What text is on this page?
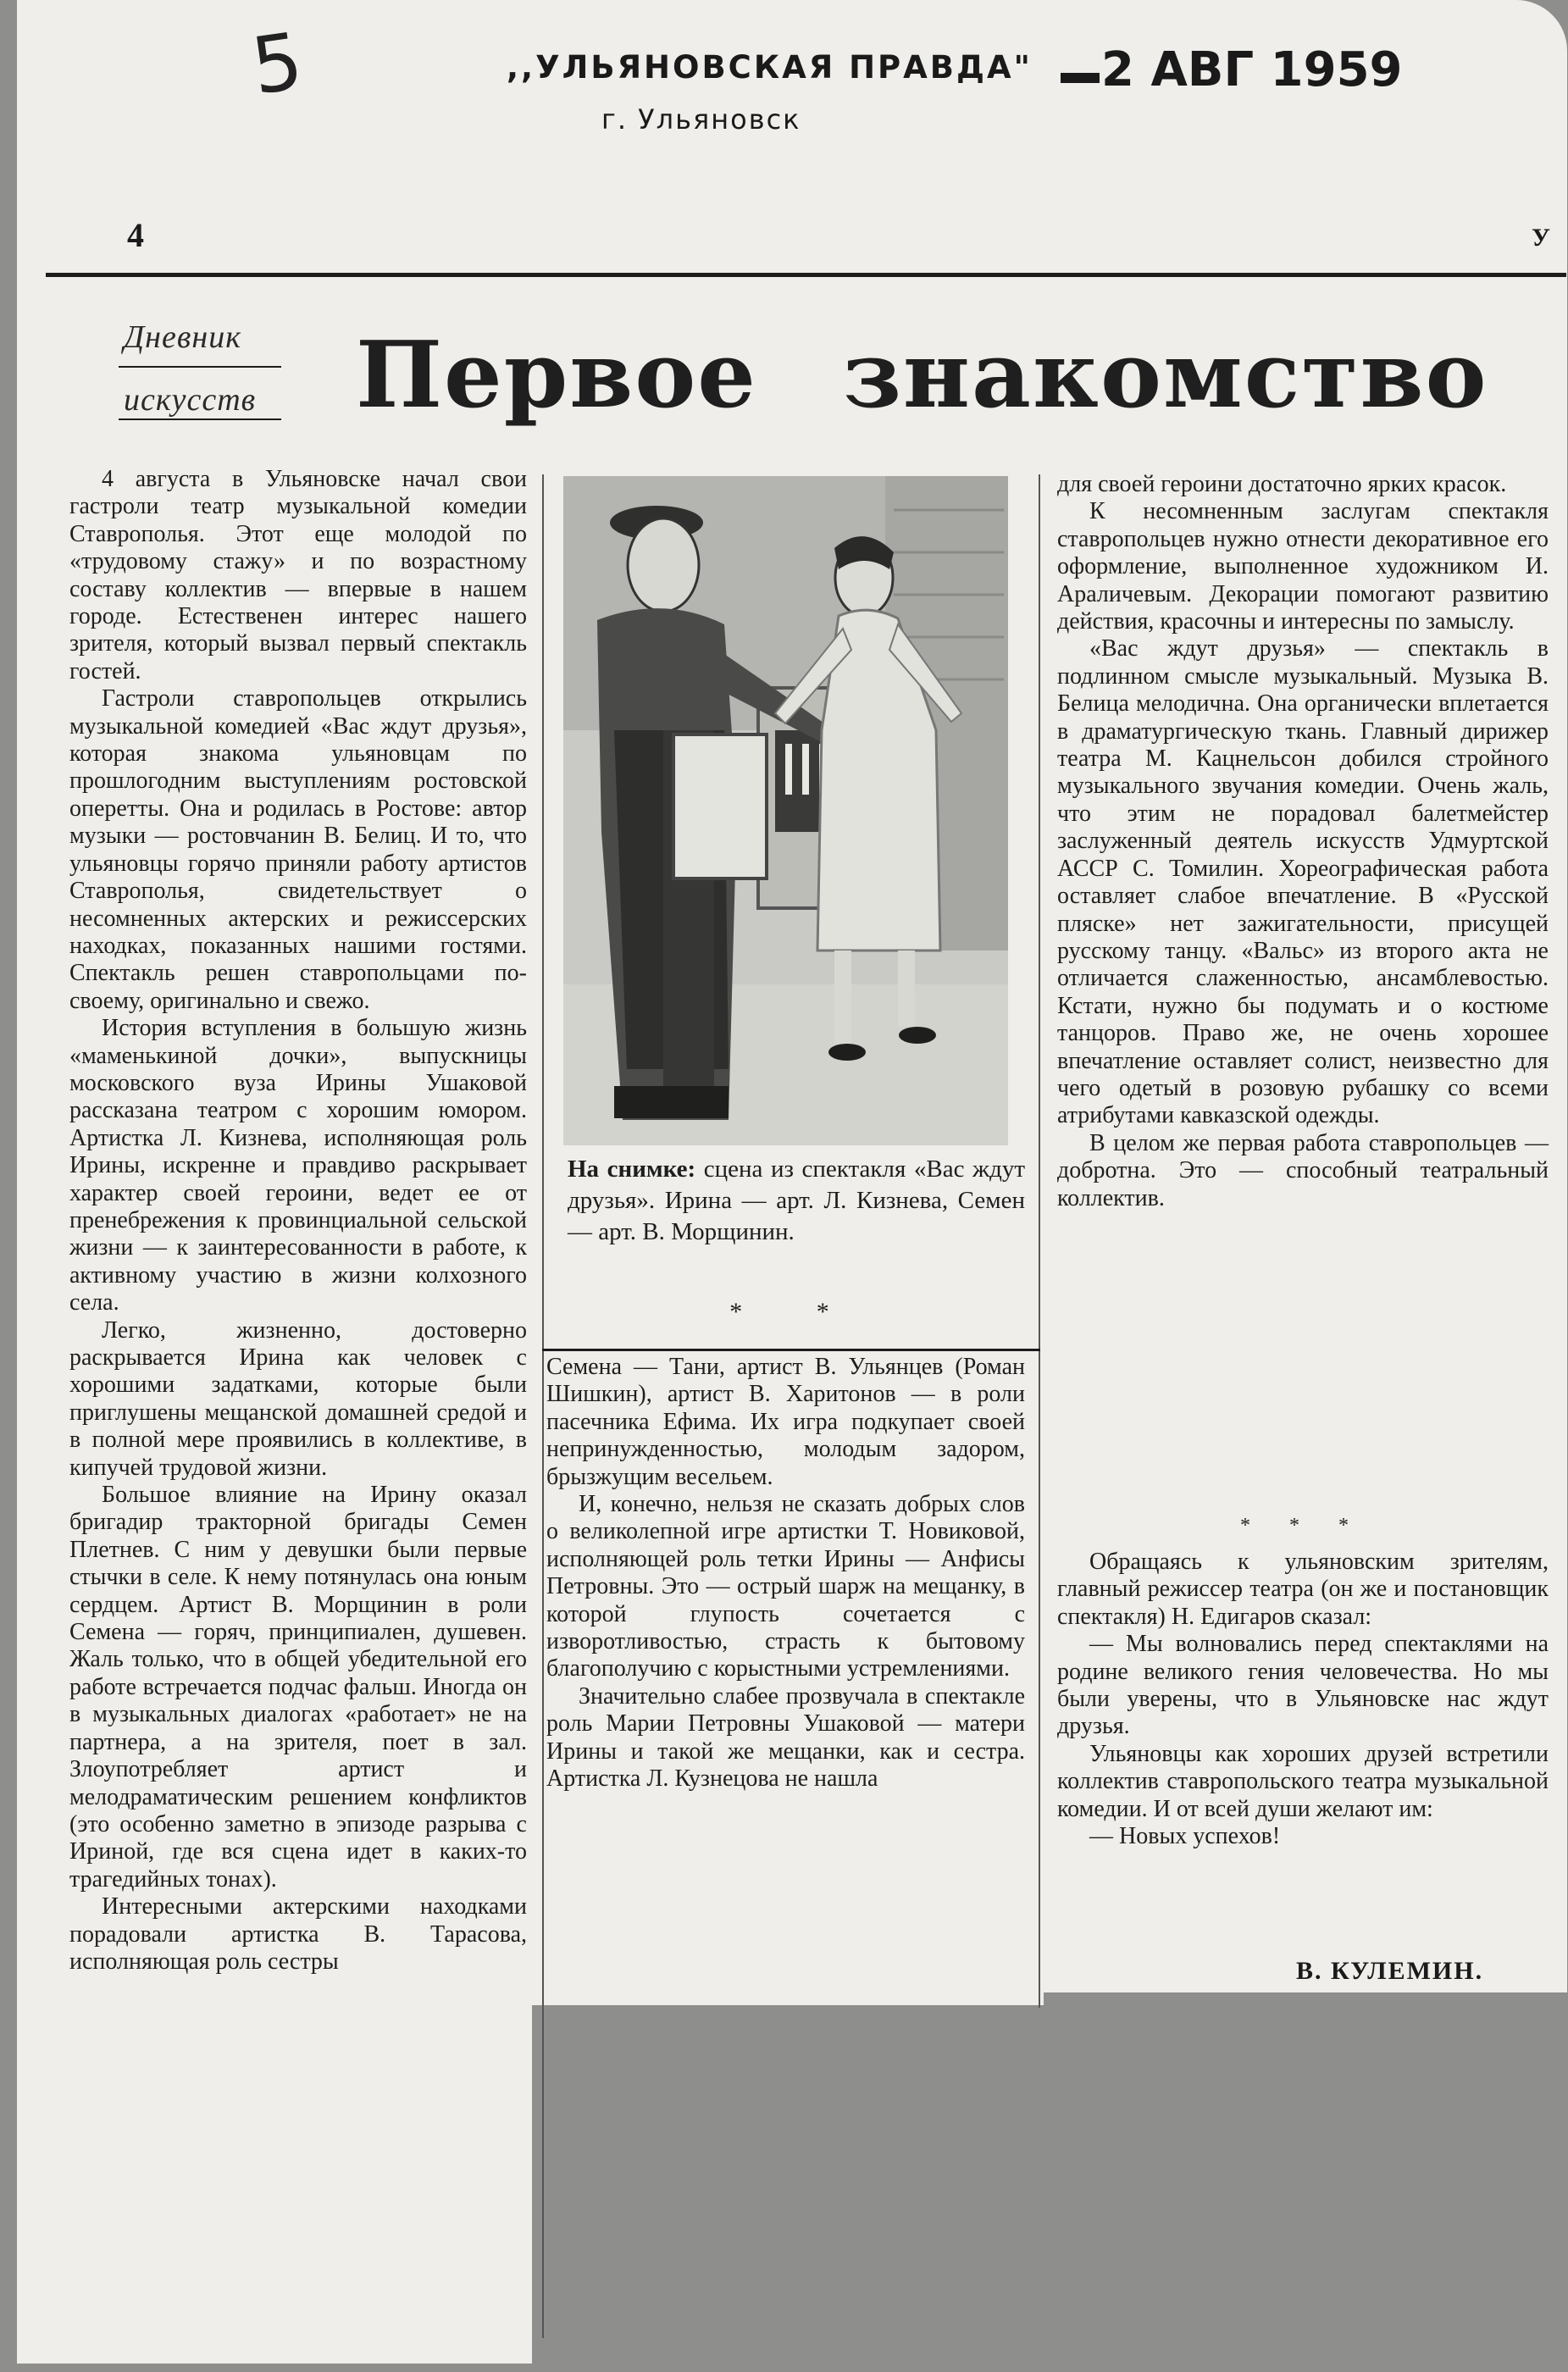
5	,,УЛЬЯНОВСКАЯ ПРАВДА"
г. Ульяновск
2 АВГ 1959
4	У
Дневник
искусств Первое знакомство

4 августа в Ульяновске начал свои гастроли театр музыкальной комедии Ставрополья. Этот еще молодой по «трудовому стажу» и по возрастному составу коллектив — впервые в нашем городе. Естественен интерес нашего зрителя, который вызвал первый спектакль гостей.

Гастроли ставропольцев открылись музыкальной комедией «Вас ждут друзья», которая знакома ульяновцам по прошлогодним выступлениям ростовской оперетты. Она и родилась в Ростове: автор музыки — ростовчанин В. Белиц. И то, что ульяновцы горячо приняли работу артистов Ставрополья, свидетельствует о несомненных актерских и режиссерских находках, показанных нашими гостями. Спектакль решен ставропольцами по-своему, оригинально и свежо.

История вступления в большую жизнь «маменькиной дочки», выпускницы московского вуза Ирины Ушаковой рассказана театром с хорошим юмором. Артистка Л. Кизнева, исполняющая роль Ирины, искренне и правдиво раскрывает характер своей героини, ведет ее от пренебрежения к провинциальной сельской жизни — к заинтересованности в работе, к активному участию в жизни колхозного села.

Легко, жизненно, достоверно раскрывается Ирина как человек с хорошими задатками, которые были приглушены мещанской домашней средой и в полной мере проявились в коллективе, в кипучей трудовой жизни.

Большое влияние на Ирину оказал бригадир тракторной бригады Семен Плетнев. С ним у девушки были первые стычки в селе. К нему потянулась она юным сердцем. Артист В. Морщинин в роли Семена — горяч, принципиален, душевен. Жаль только, что в общей убедительной его работе встречается подчас фальш. Иногда он в музыкальных диалогах «работает» не на партнера, а на зрителя, поет в зал. Злоупотребляет артист и мелодраматическим решением конфликтов (это особенно заметно в эпизоде разрыва с Ириной, где вся сцена идет в каких-то трагедийных тонах).

Интересными актерскими находками порадовали артистка В. Тарасова, исполняющая роль сестры

На снимке: сцена из спектакля «Вас ждут друзья». Ирина — арт. Л. Кизнева, Семен — арт. В. Морщинин.
* *

Семена — Тани, артист В. Ульянцев (Роман Шишкин), артист В. Харитонов — в роли пасечника Ефима. Их игра подкупает своей непринужденностью, молодым задором, брызжущим весельем.

И, конечно, нельзя не сказать добрых слов о великолепной игре артистки Т. Новиковой, исполняющей роль тетки Ирины — Анфисы Петровны. Это — острый шарж на мещанку, в которой глупость сочетается с изворотливостью, страсть к бытовому благополучию с корыстными устремлениями.

Значительно слабее прозвучала в спектакле роль Марии Петровны Ушаковой — матери Ирины и такой же мещанки, как и сестра. Артистка Л. Кузнецова не нашла

для своей героини достаточно ярких красок.

К несомненным заслугам спектакля ставропольцев нужно отнести декоративное его оформление, выполненное художником И. Араличевым. Декорации помогают развитию действия, красочны и интересны по замыслу.

«Вас ждут друзья» — спектакль в подлинном смысле музыкальный. Музыка В. Белица мелодична. Она органически вплетается в драматургическую ткань. Главный дирижер театра М. Кацнельсон добился стройного музыкального звучания комедии. Очень жаль, что этим не порадовал балетмейстер заслуженный деятель искусств Удмуртской АССР С. Томилин. Хореографическая работа оставляет слабое впечатление. В «Русской пляске» нет зажигательности, присущей русскому танцу. «Вальс» из второго акта не отличается слаженностью, ансамблевостью. Кстати, нужно бы подумать и о костюме танцоров. Право же, не очень хорошее впечатление оставляет солист, неизвестно для чего одетый в розовую рубашку со всеми атрибутами кавказской одежды.

В целом же первая работа ставропольцев — добротна. Это — способный театральный коллектив.

* * *

Обращаясь к ульяновским зрителям, главный режиссер театра (он же и постановщик спектакля) Н. Едигаров сказал:

— Мы волновались перед спектаклями на родине великого гения человечества. Но мы были уверены, что в Ульяновске нас ждут друзья.

Ульяновцы как хороших друзей встретили коллектив ставропольского театра музыкальной комедии. И от всей души желают им:

— Новых успехов!

В. КУЛЕМИН.
